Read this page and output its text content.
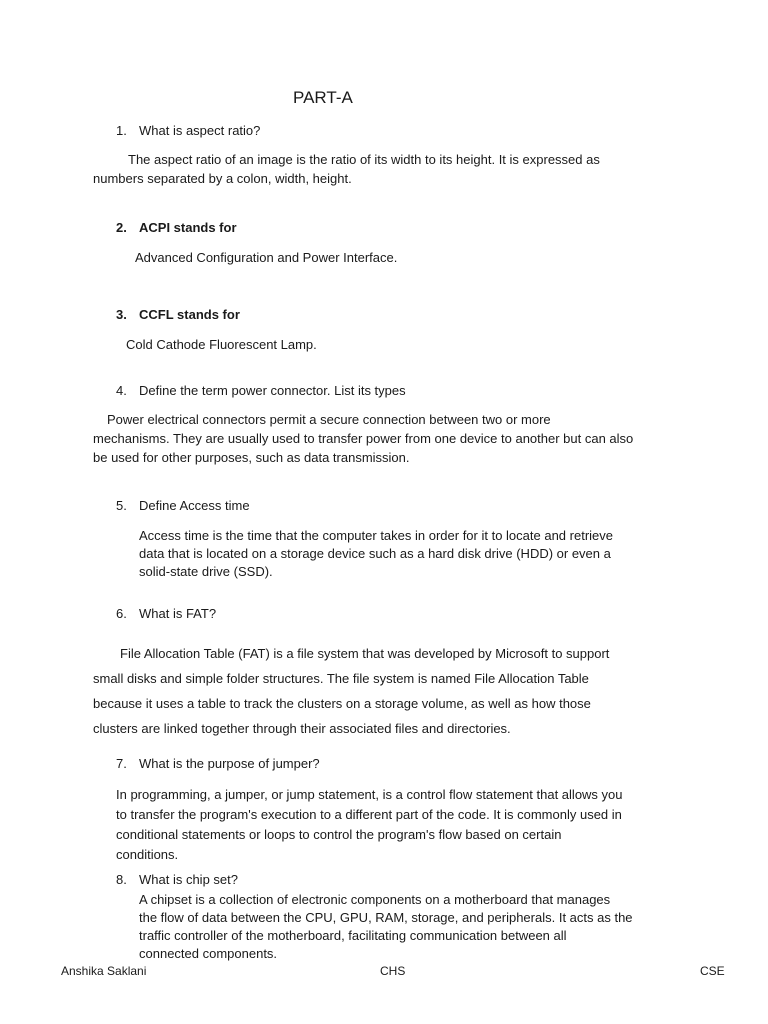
PART-A
1. What is aspect ratio?
The aspect ratio of an image is the ratio of its width to its height. It is expressed as
numbers separated by a colon, width, height.
2. ACPI stands for
Advanced Configuration and Power Interface.
3. CCFL stands for
Cold Cathode Fluorescent Lamp.
4. Define the term power connector. List its types
Power electrical connectors permit a secure connection between two or more
mechanisms. They are usually used to transfer power from one device to another but can also
be used for other purposes, such as data transmission.
5. Define Access time
Access time is the time that the computer takes in order for it to locate and retrieve
data that is located on a storage device such as a hard disk drive (HDD) or even a
solid-state drive (SSD).
6. What is FAT?
File Allocation Table (FAT) is a file system that was developed by Microsoft to support
small disks and simple folder structures. The file system is named File Allocation Table
because it uses a table to track the clusters on a storage volume, as well as how those
clusters are linked together through their associated files and directories.
7. What is the purpose of jumper?
In programming, a jumper, or jump statement, is a control flow statement that allows you
to transfer the program's execution to a different part of the code. It is commonly used in
conditional statements or loops to control the program's flow based on certain
conditions.
8. What is chip set?
A chipset is a collection of electronic components on a motherboard that manages
the flow of data between the CPU, GPU, RAM, storage, and peripherals. It acts as the
traffic controller of the motherboard, facilitating communication between all
connected components.
Anshika Saklani	CHS	CSE
